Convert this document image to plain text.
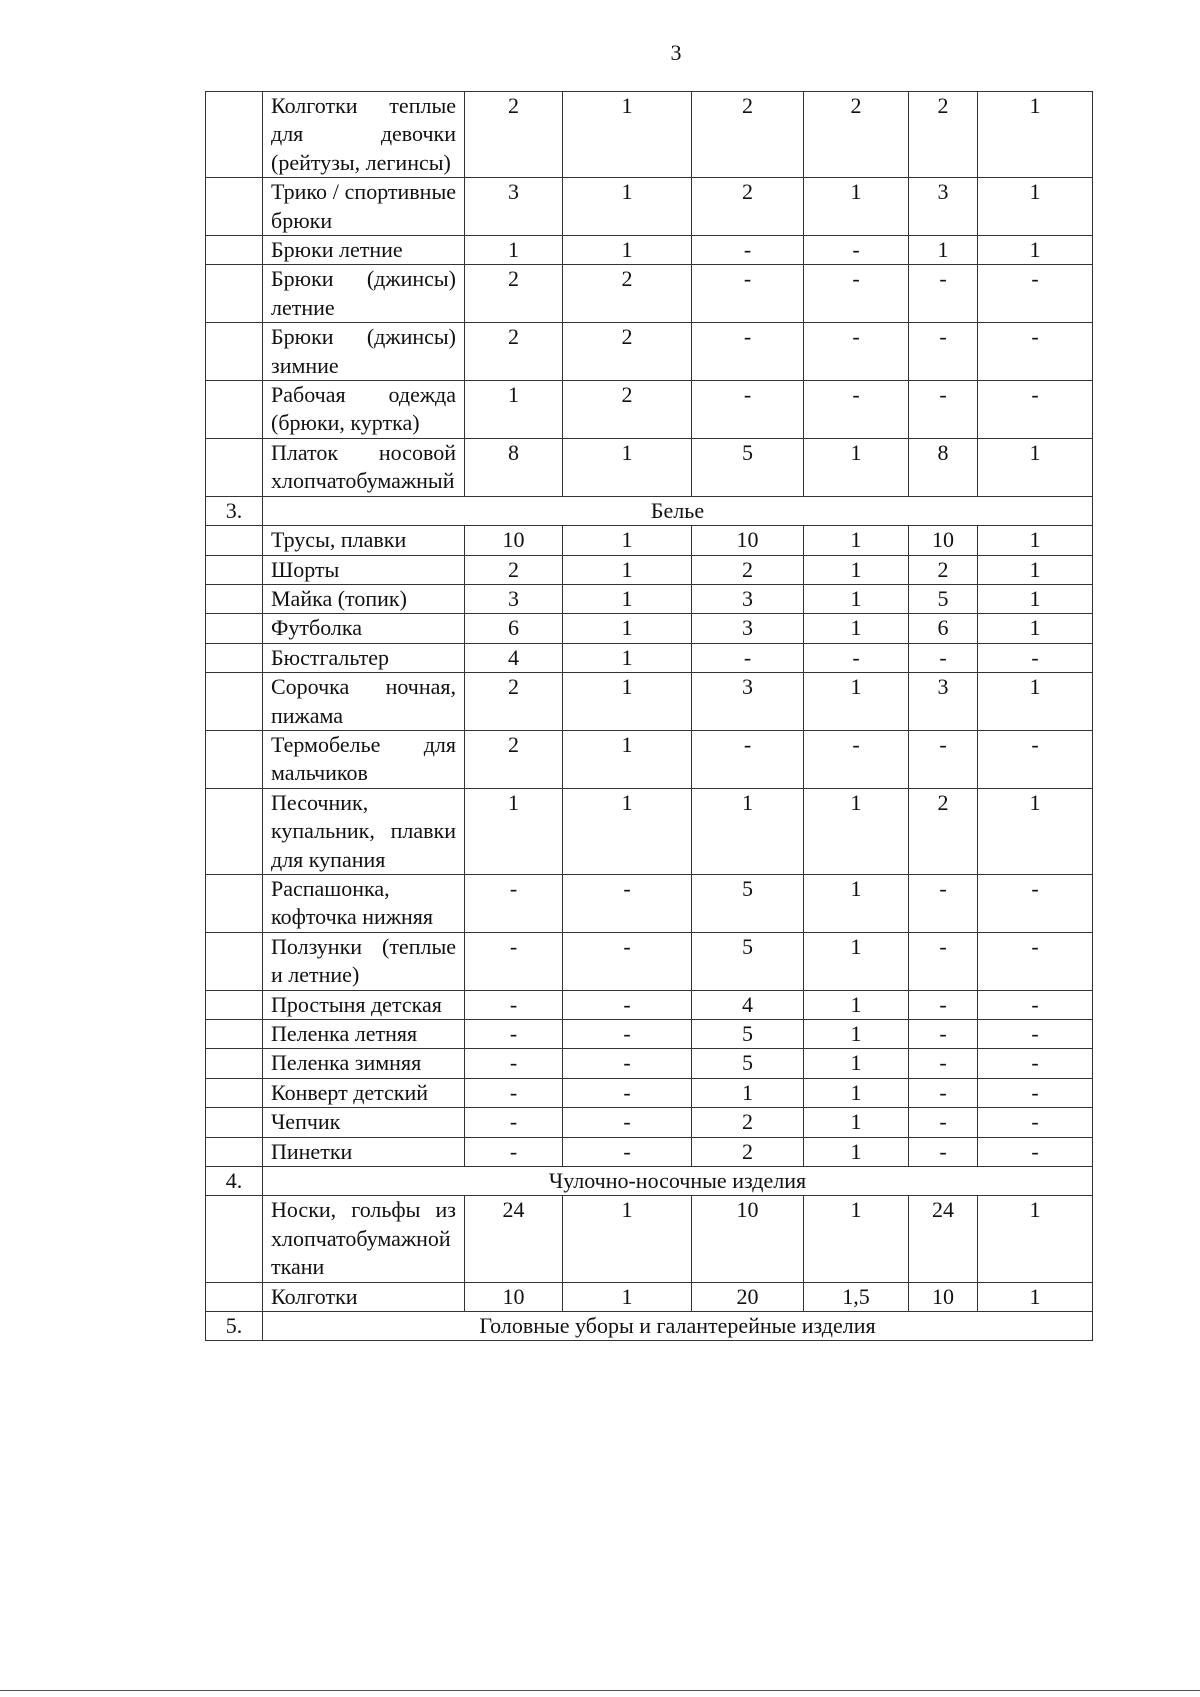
3
	Колготки теплые для девочки (рейтузы, легинсы)	2	1	2	2	2	1
	Трико / спортивные брюки	3	1	2	1	3	1
	Брюки летние	1	1	-	-	1	1
	Брюки (джинсы) летние	2	2	-	-	-	-
	Брюки (джинсы) зимние	2	2	-	-	-	-
	Рабочая одежда (брюки, куртка)	1	2	-	-	-	-
	Платок носовой хлопчатобумажный	8	1	5	1	8	1
3.	Белье						
	Трусы, плавки	10	1	10	1	10	1
	Шорты	2	1	2	1	2	1
	Майка (топик)	3	1	3	1	5	1
	Футболка	6	1	3	1	6	1
	Бюстгальтер	4	1	-	-	-	-
	Сорочка ночная, пижама	2	1	3	1	3	1
	Термобелье для мальчиков	2	1	-	-	-	-
	Песочник, купальник, плавки для купания	1	1	1	1	2	1
	Распашонка, кофточка нижняя	-	-	5	1	-	-
	Ползунки (теплые и летние)	-	-	5	1	-	-
	Простыня детская	-	-	4	1	-	-
	Пеленка летняя	-	-	5	1	-	-
	Пеленка зимняя	-	-	5	1	-	-
	Конверт детский	-	-	1	1	-	-
	Чепчик	-	-	2	1	-	-
	Пинетки	-	-	2	1	-	-
4.	Чулочно-носочные изделия						
	Носки, гольфы из хлопчатобумажной ткани	24	1	10	1	24	1
	Колготки	10	1	20	1,5	10	1
5.	Головные уборы и галантерейные изделия						
